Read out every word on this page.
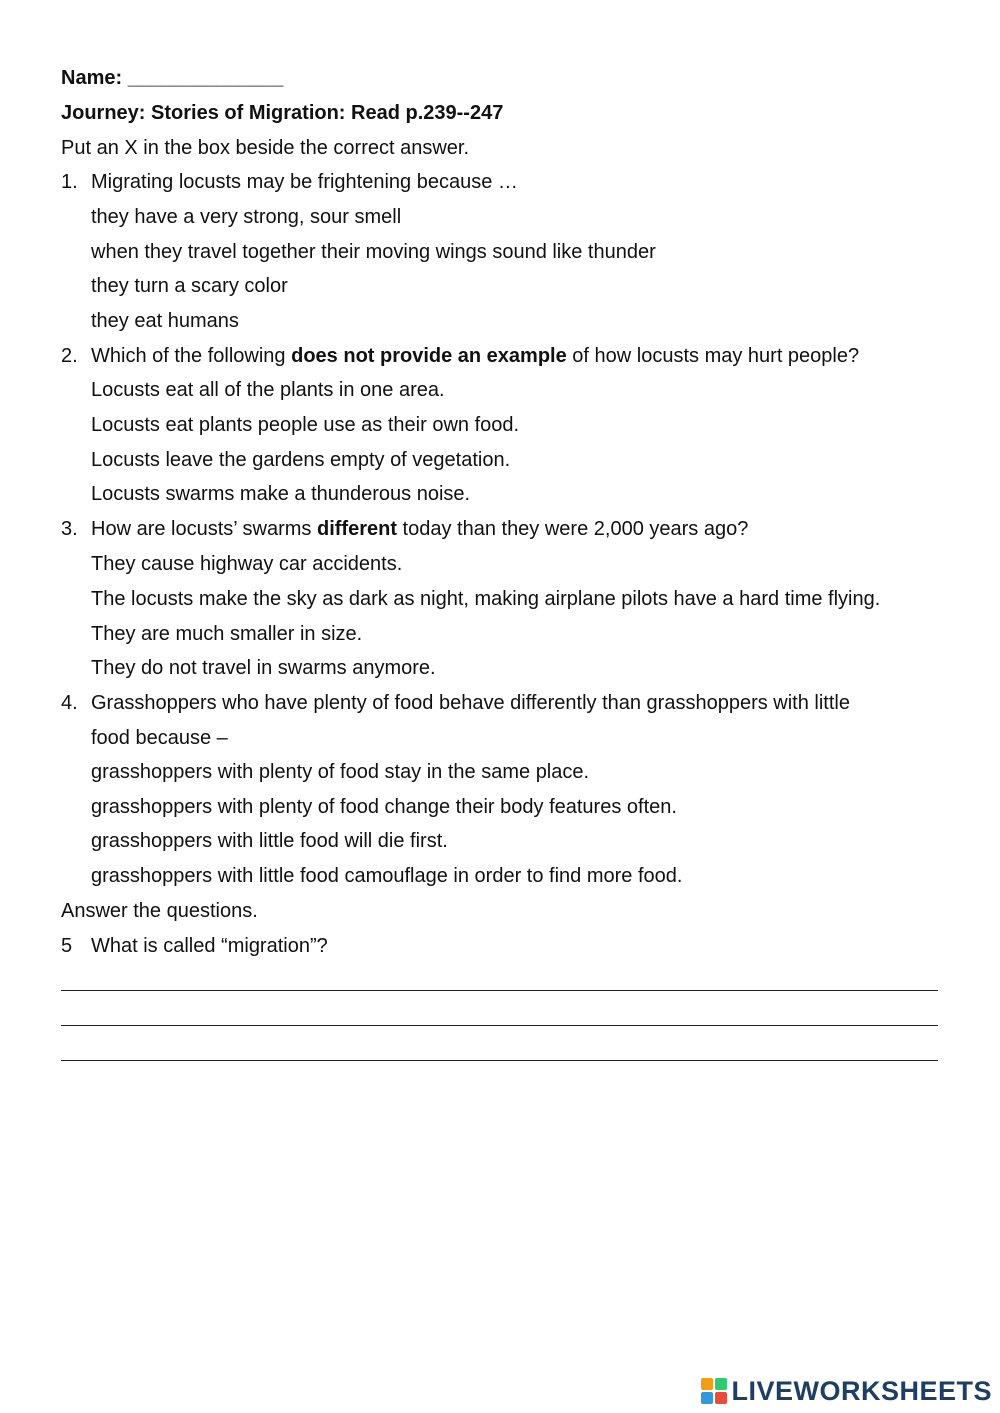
Name: ______________
Journey: Stories of Migration: Read p.239--247
Put an X in the box beside the correct answer.
1. Migrating locusts may be frightening because …
they have a very strong, sour smell
when they travel together their moving wings sound like thunder
they turn a scary color
they eat humans
2. Which of the following does not provide an example of how locusts may hurt people?
Locusts eat all of the plants in one area.
Locusts eat plants people use as their own food.
Locusts leave the gardens empty of vegetation.
Locusts swarms make a thunderous noise.
3. How are locusts’ swarms different today than they were 2,000 years ago?
They cause highway car accidents.
The locusts make the sky as dark as night, making airplane pilots have a hard time flying.
They are much smaller in size.
They do not travel in swarms anymore.
4. Grasshoppers who have plenty of food behave differently than grasshoppers with little
food because –
grasshoppers with plenty of food stay in the same place.
grasshoppers with plenty of food change their body features often.
grasshoppers with little food will die first.
grasshoppers with little food camouflage in order to find more food.
Answer the questions.
5 What is called “migration”?
LIVEWORKSHEETS
